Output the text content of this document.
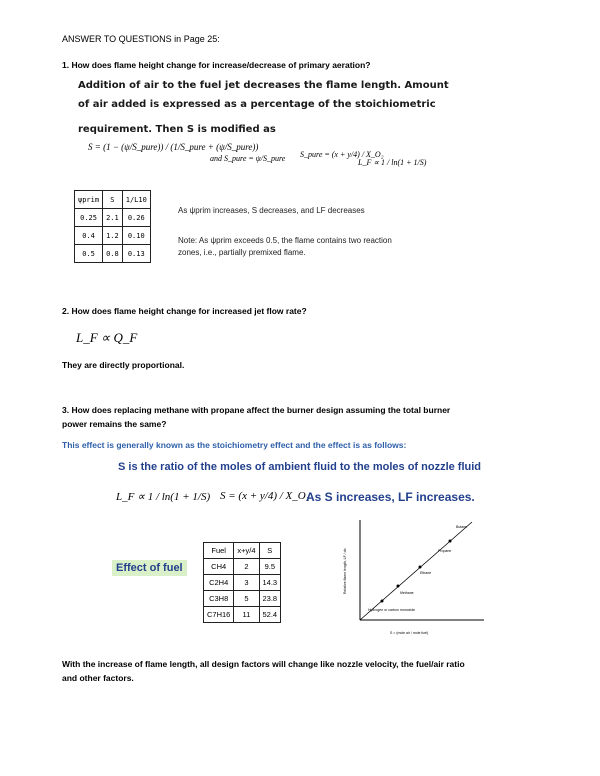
ANSWER TO QUESTIONS in Page 25:
1. How does flame height change for increase/decrease of primary aeration?
Addition of air to the fuel jet decreases the flame length. Amount
of air added is expressed as a percentage of the stoichiometric
requirement. Then S is modified as
S = (1 − (ψ/S_pure)) / (1/S_pure + (ψ/S_pure))
and S_pure = ψ/S_pure S_pure = (x + y/4) / X_O₂
L_F ∝ 1 / ln(1 + 1/S)
ψprim	S	1/L10
0.25	2.1	0.26
0.4	1.2	0.10
0.5	0.8	0.13
As ψprim increases, S decreases, and LF decreases
Note: As ψprim exceeds 0.5, the flame contains two reaction
zones, i.e., partially premixed flame.
2. How does flame height change for increased jet flow rate?
L_F ∝ Q_F
They are directly proportional.
3. How does replacing methane with propane affect the burner design assuming the total burner
power remains the same?
This effect is generally known as the stoichiometry effect and the effect is as follows:
S is the ratio of the moles of ambient fluid to the moles of nozzle fluid
L_F ∝ 1 / ln(1 + 1/S) S = (x + y/4) / X_O₂
As S increases, LF increases.
Effect of fuel
Fuel	x+y/4	S
CH4	2	9.5
C2H4	3	14.3
C3H8	5	23.8
C7H16	11	52.4
Relative flame length, LF / do
Butane
Propane
Ethane
Methane
Hydrogen or carbon monoxide
S = (mole air / mole fuel)
With the increase of flame length, all design factors will change like nozzle velocity, the fuel/air ratio
and other factors.
